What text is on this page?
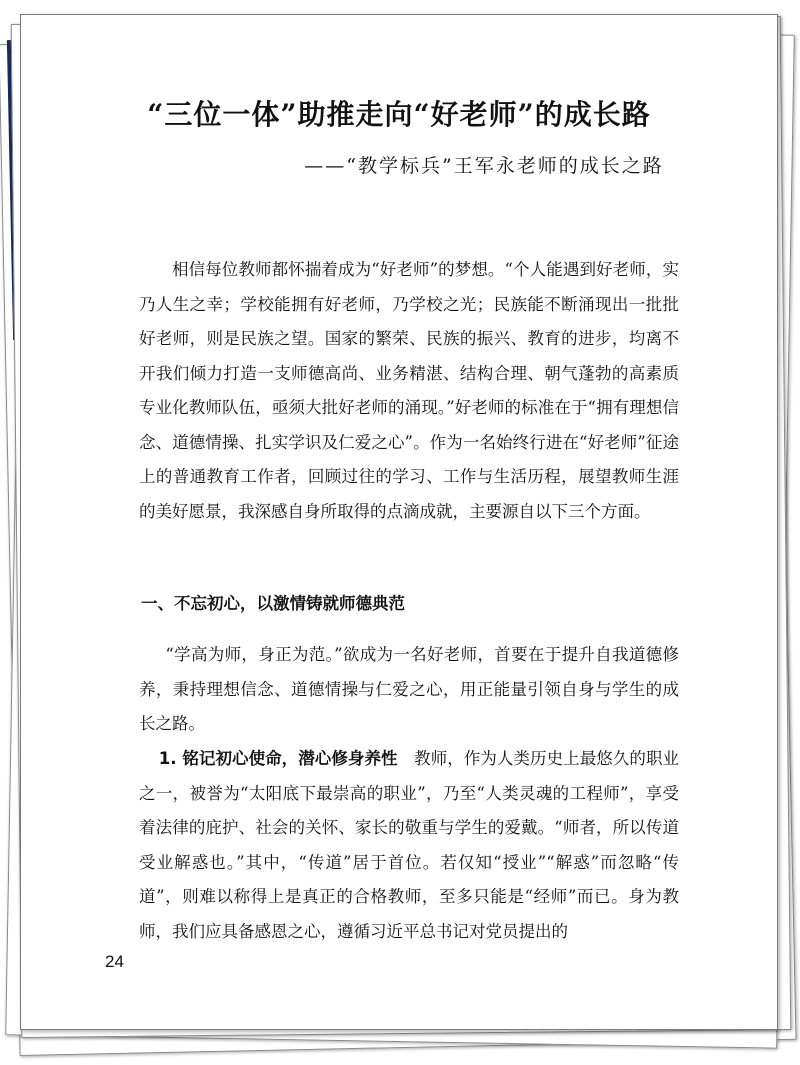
“三位一体”助推走向“好老师”的成长路
——“教学标兵”王军永老师的成长之路
相信每位教师都怀揣着成为“好老师”的梦想。“个人能遇到好老师，实乃人生之幸；学校能拥有好老师，乃学校之光；民族能不断涌现出一批批好老师，则是民族之望。国家的繁荣、民族的振兴、教育的进步，均离不开我们倾力打造一支师德高尚、业务精湛、结构合理、朝气蓬勃的高素质专业化教师队伍，亟须大批好老师的涌现。”好老师的标准在于“拥有理想信念、道德情操、扎实学识及仁爱之心”。作为一名始终行进在“好老师”征途上的普通教育工作者，回顾过往的学习、工作与生活历程，展望教师生涯的美好愿景，我深感自身所取得的点滴成就，主要源自以下三个方面。
一、不忘初心，以激情铸就师德典范
“学高为师，身正为范。”欲成为一名好老师，首要在于提升自我道德修养，秉持理想信念、道德情操与仁爱之心，用正能量引领自身与学生的成长之路。
1. 铭记初心使命，潜心修身养性  教师，作为人类历史上最悠久的职业之一，被誉为“太阳底下最崇高的职业”，乃至“人类灵魂的工程师”，享受着法律的庇护、社会的关怀、家长的敬重与学生的爱戴。“师者，所以传道受业解惑也。”其中，“传道”居于首位。若仅知“授业”“解惑”而忽略“传道”，则难以称得上是真正的合格教师，至多只能是“经师”而已。身为教师，我们应具备感恩之心，遵循习近平总书记对党员提出的
24
